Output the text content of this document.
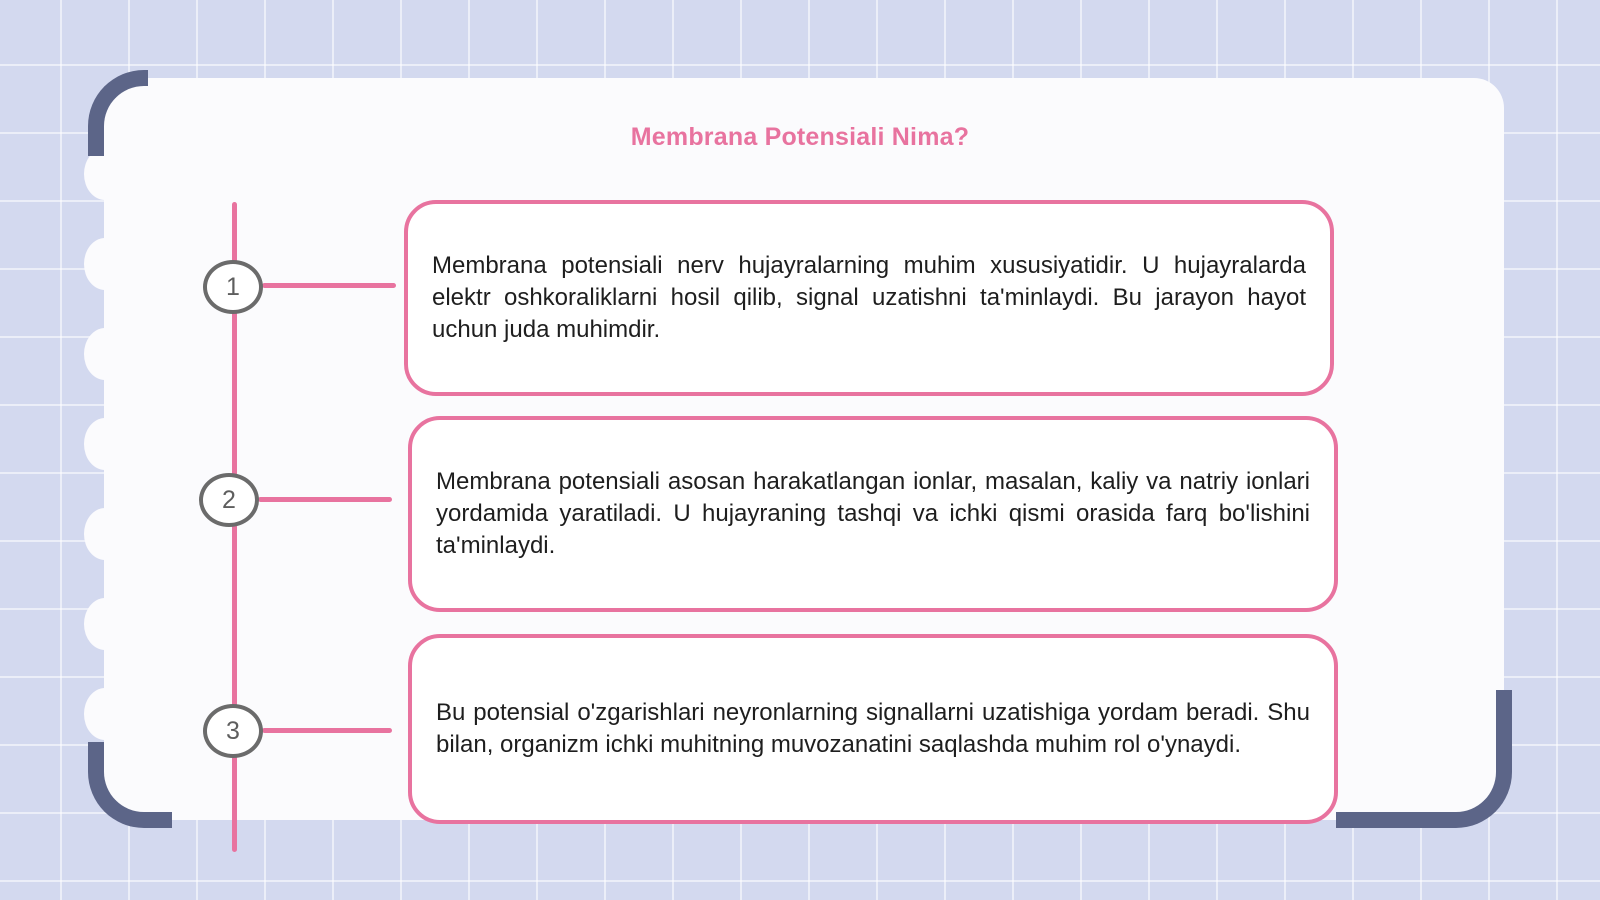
Membrana Potensiali Nima?
1
2
3

Membrana potensiali nerv hujayralarning muhim xususiyatidir. U hujayralarda elektr oshkoraliklarni hosil qilib, signal uzatishni ta'minlaydi. Bu jarayon hayot uchun juda muhimdir.

Membrana potensiali asosan harakatlangan ionlar, masalan, kaliy va natriy ionlari yordamida yaratiladi. U hujayraning tashqi va ichki qismi orasida farq bo'lishini ta'minlaydi.

Bu potensial o'zgarishlari neyronlarning signallarni uzatishiga yordam beradi. Shu bilan, organizm ichki muhitning muvozanatini saqlashda muhim rol o'ynaydi.
